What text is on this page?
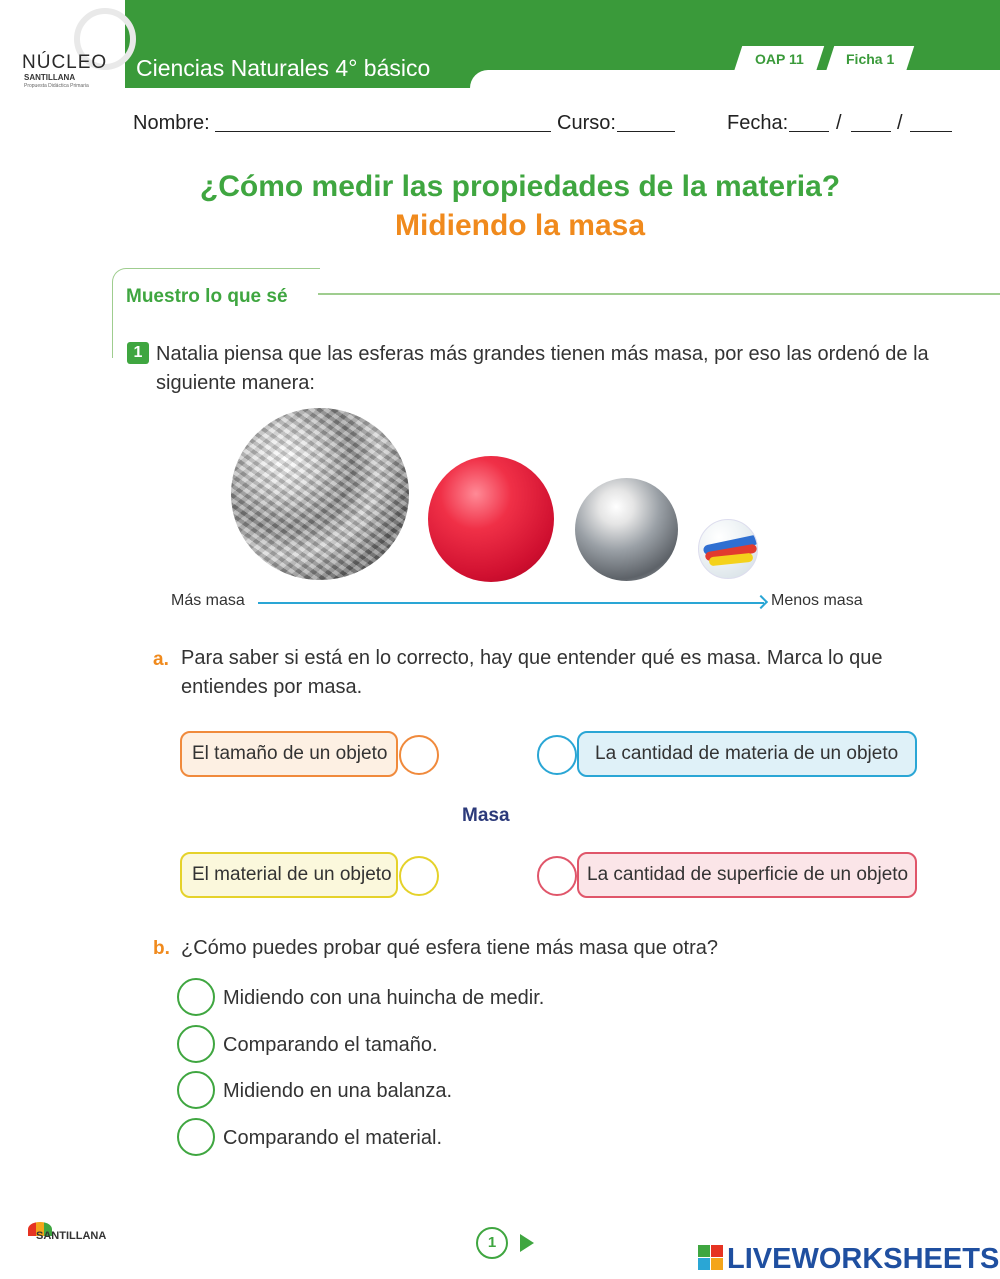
Ciencias Naturales 4° básico	OAP 11	Ficha 1
NÚCLEO
SANTILLANA
Propuesta Didáctica Primaria
Nombre:	Curso:	Fecha: /	/
¿Cómo medir las propiedades de la materia?
Midiendo la masa
Muestro lo que sé
1 Natalia piensa que las esferas más grandes tienen más masa, por eso las ordenó de la siguiente manera:
Más masa	Menos masa
a. Para saber si está en lo correcto, hay que entender qué es masa. Marca lo que entiendes por masa.
El tamaño de un objeto	La cantidad de materia de un objeto
Masa
El material de un objeto	La cantidad de superficie de un objeto
b. ¿Cómo puedes probar qué esfera tiene más masa que otra?
Midiendo con una huincha de medir.
Comparando el tamaño.
Midiendo en una balanza.
Comparando el material.
SANTILLANA	1
LIVEWORKSHEETS
